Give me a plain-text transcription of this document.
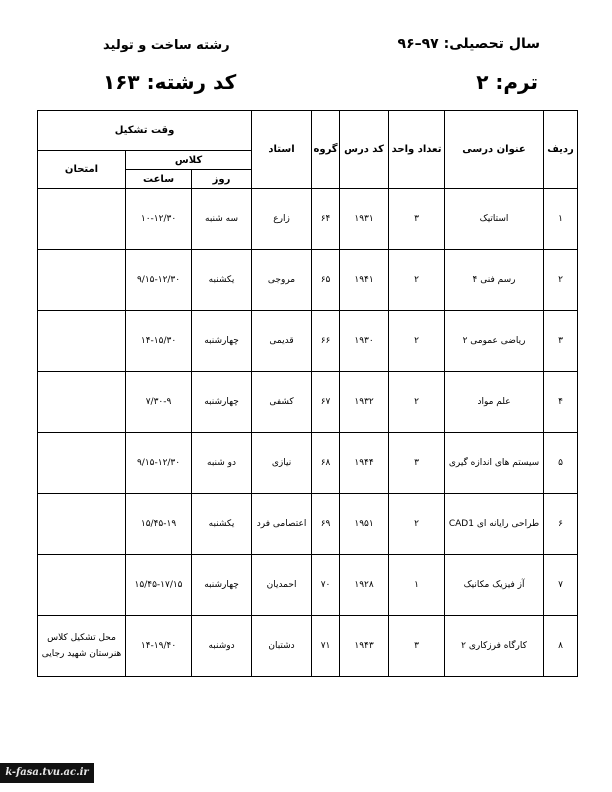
سال تحصیلی: ۹۷–۹۶
رشته ساخت و تولید
ترم: ۲
کد رشته: ۱۶۳
ردیف	عنوان درسی	تعداد واحد	کد درس	گروه	استاد	وقت تشکیل		
						کلاس		امتحان
						روز	ساعت	
۱	استاتیک	۳	۱۹۳۱	۶۴	زارع	سه شنبه	۱۰-۱۲/۳۰	
۲	رسم فنی ۴	۲	۱۹۴۱	۶۵	مروجی	یکشنبه	۹/۱۵-۱۲/۳۰	
۳	ریاضی عمومی ۲	۲	۱۹۳۰	۶۶	قدیمی	چهارشنبه	۱۴-۱۵/۳۰	
۴	علم مواد	۲	۱۹۳۲	۶۷	کشفی	چهارشنبه	۷/۳۰-۹	
۵	سیستم های اندازه گیری	۳	۱۹۴۴	۶۸	نیازی	دو شنبه	۹/۱۵-۱۲/۳۰	
۶	طراحی رایانه ای CAD1	۲	۱۹۵۱	۶۹	اعتصامی فرد	یکشنبه	۱۵/۴۵-۱۹	
۷	آز فیزیک مکانیک	۱	۱۹۲۸	۷۰	احمدیان	چهارشنبه	۱۵/۴۵-۱۷/۱۵	
۸	کارگاه فرزکاری ۲	۳	۱۹۴۳	۷۱	دشتبان	دوشنبه	۱۴-۱۹/۴۰	محل تشکیل کلاس
هنرستان شهید رجایی
k-fasa.tvu.ac.ir
